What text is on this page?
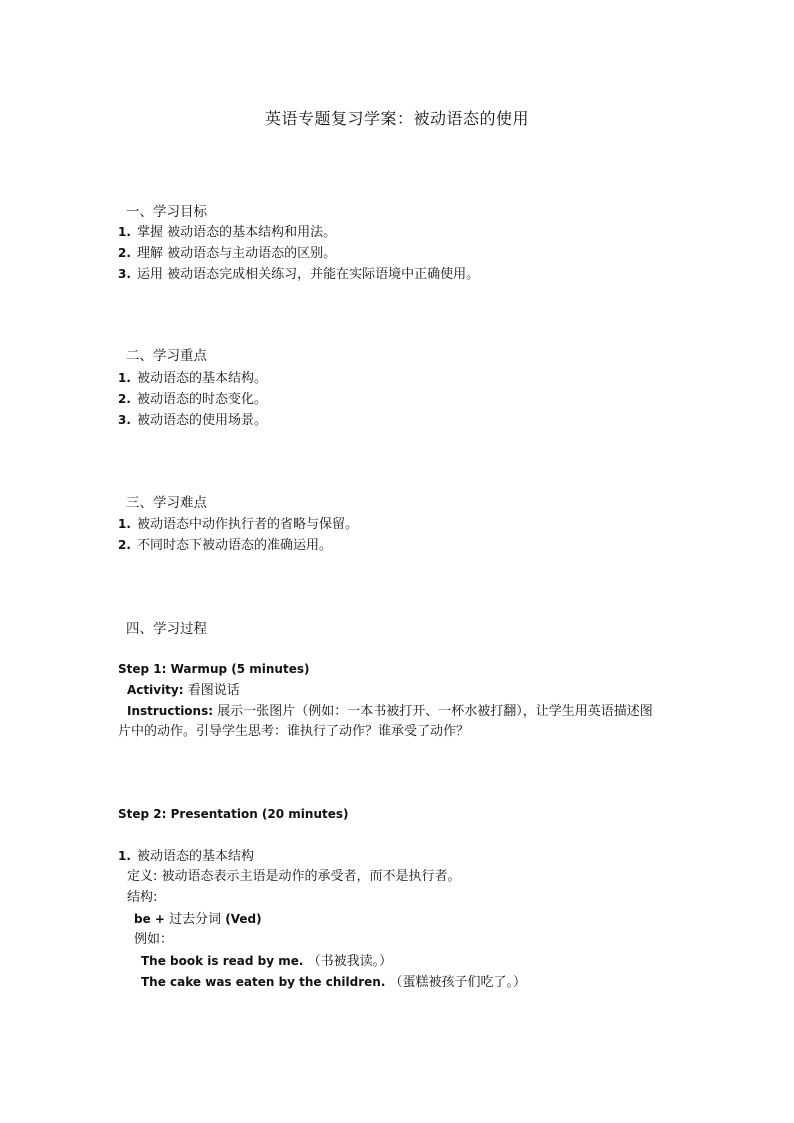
英语专题复习学案：被动语态的使用
一、学习目标
1. 掌握 被动语态的基本结构和用法。
2. 理解 被动语态与主动语态的区别。
3. 运用 被动语态完成相关练习，并能在实际语境中正确使用。
二、学习重点
1. 被动语态的基本结构。
2. 被动语态的时态变化。
3. 被动语态的使用场景。
三、学习难点
1. 被动语态中动作执行者的省略与保留。
2. 不同时态下被动语态的准确运用。
四、学习过程
Step 1: Warmup (5 minutes)
Activity: 看图说话
Instructions: 展示一张图片（例如：一本书被打开、一杯水被打翻），让学生用英语描述图
片中的动作。引导学生思考：谁执行了动作？谁承受了动作？
Step 2: Presentation (20 minutes)
1. 被动语态的基本结构
定义: 被动语态表示主语是动作的承受者，而不是执行者。
结构:
be + 过去分词 (Ved)
例如：
The book is read by me. （书被我读。）
The cake was eaten by the children. （蛋糕被孩子们吃了。）
